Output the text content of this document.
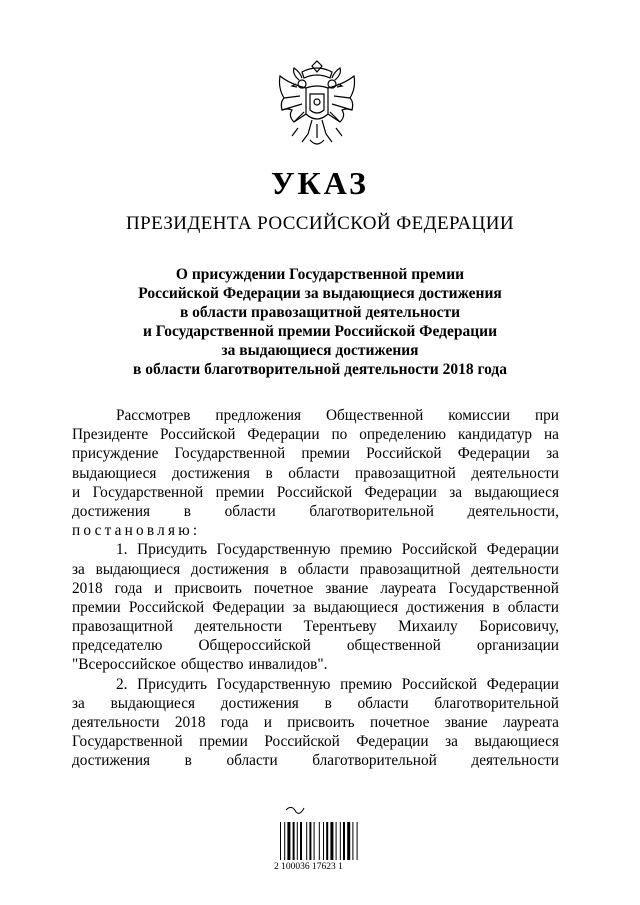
УКАЗ
ПРЕЗИДЕНТА РОССИЙСКОЙ ФЕДЕРАЦИИ
О присуждении Государственной премии
Российской Федерации за выдающиеся достижения
в области правозащитной деятельности
и Государственной премии Российской Федерации
за выдающиеся достижения
в области благотворительной деятельности 2018 года
Рассмотрев предложения Общественной комиссии при
Президенте Российской Федерации по определению кандидатур на
присуждение Государственной премии Российской Федерации за
выдающиеся достижения в области правозащитной деятельности
и Государственной премии Российской Федерации за выдающиеся
достижения в области благотворительной деятельности,
постановляю:
1. Присудить Государственную премию Российской Федерации
за выдающиеся достижения в области правозащитной деятельности
2018 года и присвоить почетное звание лауреата Государственной
премии Российской Федерации за выдающиеся достижения в области
правозащитной деятельности Терентьеву Михаилу Борисовичу,
председателю Общероссийской общественной организации
"Всероссийское общество инвалидов".
2. Присудить Государственную премию Российской Федерации
за выдающиеся достижения в области благотворительной
деятельности 2018 года и присвоить почетное звание лауреата
Государственной премии Российской Федерации за выдающиеся
достижения в области благотворительной деятельности
2 100036 17623 1
